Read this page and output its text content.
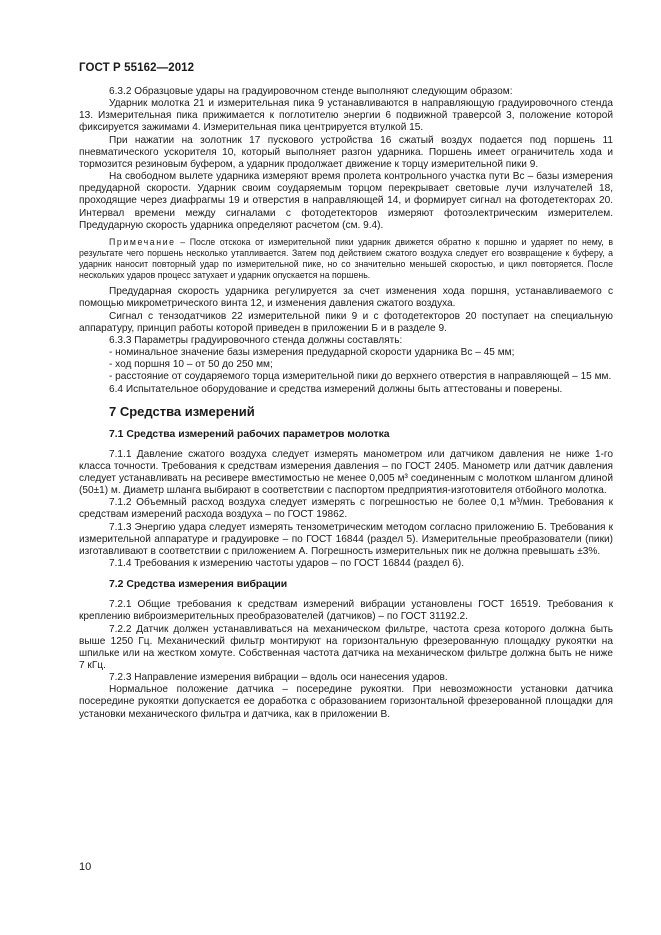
ГОСТ Р 55162—2012

6.3.2 Образцовые удары на градуировочном стенде выполняют следующим образом:

Ударник молотка 21 и измерительная пика 9 устанавливаются в направляющую градуировочного стенда 13. Измерительная пика прижимается к поглотителю энергии 6 подвижной траверсой 3, положение которой фиксируется зажимами 4. Измерительная пика центрируется втулкой 15.

При нажатии на золотник 17 пускового устройства 16 сжатый воздух подается под поршень 11 пневматического ускорителя 10, который выполняет разгон ударника. Поршень имеет ограничитель хода и тормозится резиновым буфером, а ударник продолжает движение к торцу измерительной пики 9.

На свободном вылете ударника измеряют время пролета контрольного участка пути Вс – базы измерения предударной скорости. Ударник своим соударяемым торцом перекрывает световые лучи излучателей 18, проходящие через диафрагмы 19 и отверстия в направляющей 14, и формирует сигнал на фотодетекторах 20. Интервал времени между сигналами с фотодетекторов измеряют фотоэлектрическим измерителем. Предударную скорость ударника определяют расчетом (см. 9.4).

Примечание – После отскока от измерительной пики ударник движется обратно к поршню и ударяет по нему, в результате чего поршень несколько утапливается. Затем под действием сжатого воздуха следует его возвращение к буферу, а ударник наносит повторный удар по измерительной пике, но со значительно меньшей скоростью, и цикл повторяется. После нескольких ударов процесс затухает и ударник опускается на поршень.

Предударная скорость ударника регулируется за счет изменения хода поршня, устанавливаемого с помощью микрометрического винта 12, и изменения давления сжатого воздуха.

Сигнал с тензодатчиков 22 измерительной пики 9 и с фотодетекторов 20 поступает на специальную аппаратуру, принцип работы которой приведен в приложении Б и в разделе 9.

6.3.3 Параметры градуировочного стенда должны составлять:

- номинальное значение базы измерения предударной скорости ударника Вс – 45 мм;

- ход поршня 10 – от 50 до 250 мм;

- расстояние от соударяемого торца измерительной пики до верхнего отверстия в направляющей – 15 мм.

6.4 Испытательное оборудование и средства измерений должны быть аттестованы и поверены.

7 Средства измерений
7.1 Средства измерений рабочих параметров молотка

7.1.1 Давление сжатого воздуха следует измерять манометром или датчиком давления не ниже 1-го класса точности. Требования к средствам измерения давления – по ГОСТ 2405. Манометр или датчик давления следует устанавливать на ресивере вместимостью не менее 0,005 м³ соединенным с молотком шлангом длиной (50±1) м. Диаметр шланга выбирают в соответствии с паспортом предприятия-изготовителя отбойного молотка.

7.1.2 Объемный расход воздуха следует измерять с погрешностью не более 0,1 м³/мин. Требования к средствам измерений расхода воздуха – по ГОСТ 19862.

7.1.3 Энергию удара следует измерять тензометрическим методом согласно приложению Б. Требования к измерительной аппаратуре и градуировке – по ГОСТ 16844 (раздел 5). Измерительные преобразователи (пики) изготавливают в соответствии с приложением А. Погрешность измерительных пик не должна превышать ±3%.

7.1.4 Требования к измерению частоты ударов – по ГОСТ 16844 (раздел 6).

7.2 Средства измерения вибрации

7.2.1 Общие требования к средствам измерений вибрации установлены ГОСТ 16519. Требования к креплению виброизмерительных преобразователей (датчиков) – по ГОСТ 31192.2.

7.2.2 Датчик должен устанавливаться на механическом фильтре, частота среза которого должна быть выше 1250 Гц. Механический фильтр монтируют на горизонтальную фрезерованную площадку рукоятки на шпильке или на жестком хомуте. Собственная частота датчика на механическом фильтре должна быть не ниже 7 кГц.

7.2.3 Направление измерения вибрации – вдоль оси нанесения ударов.

Нормальное положение датчика – посередине рукоятки. При невозможности установки датчика посередине рукоятки допускается ее доработка с образованием горизонтальной фрезерованной площадки для установки механического фильтра и датчика, как в приложении В.

10
